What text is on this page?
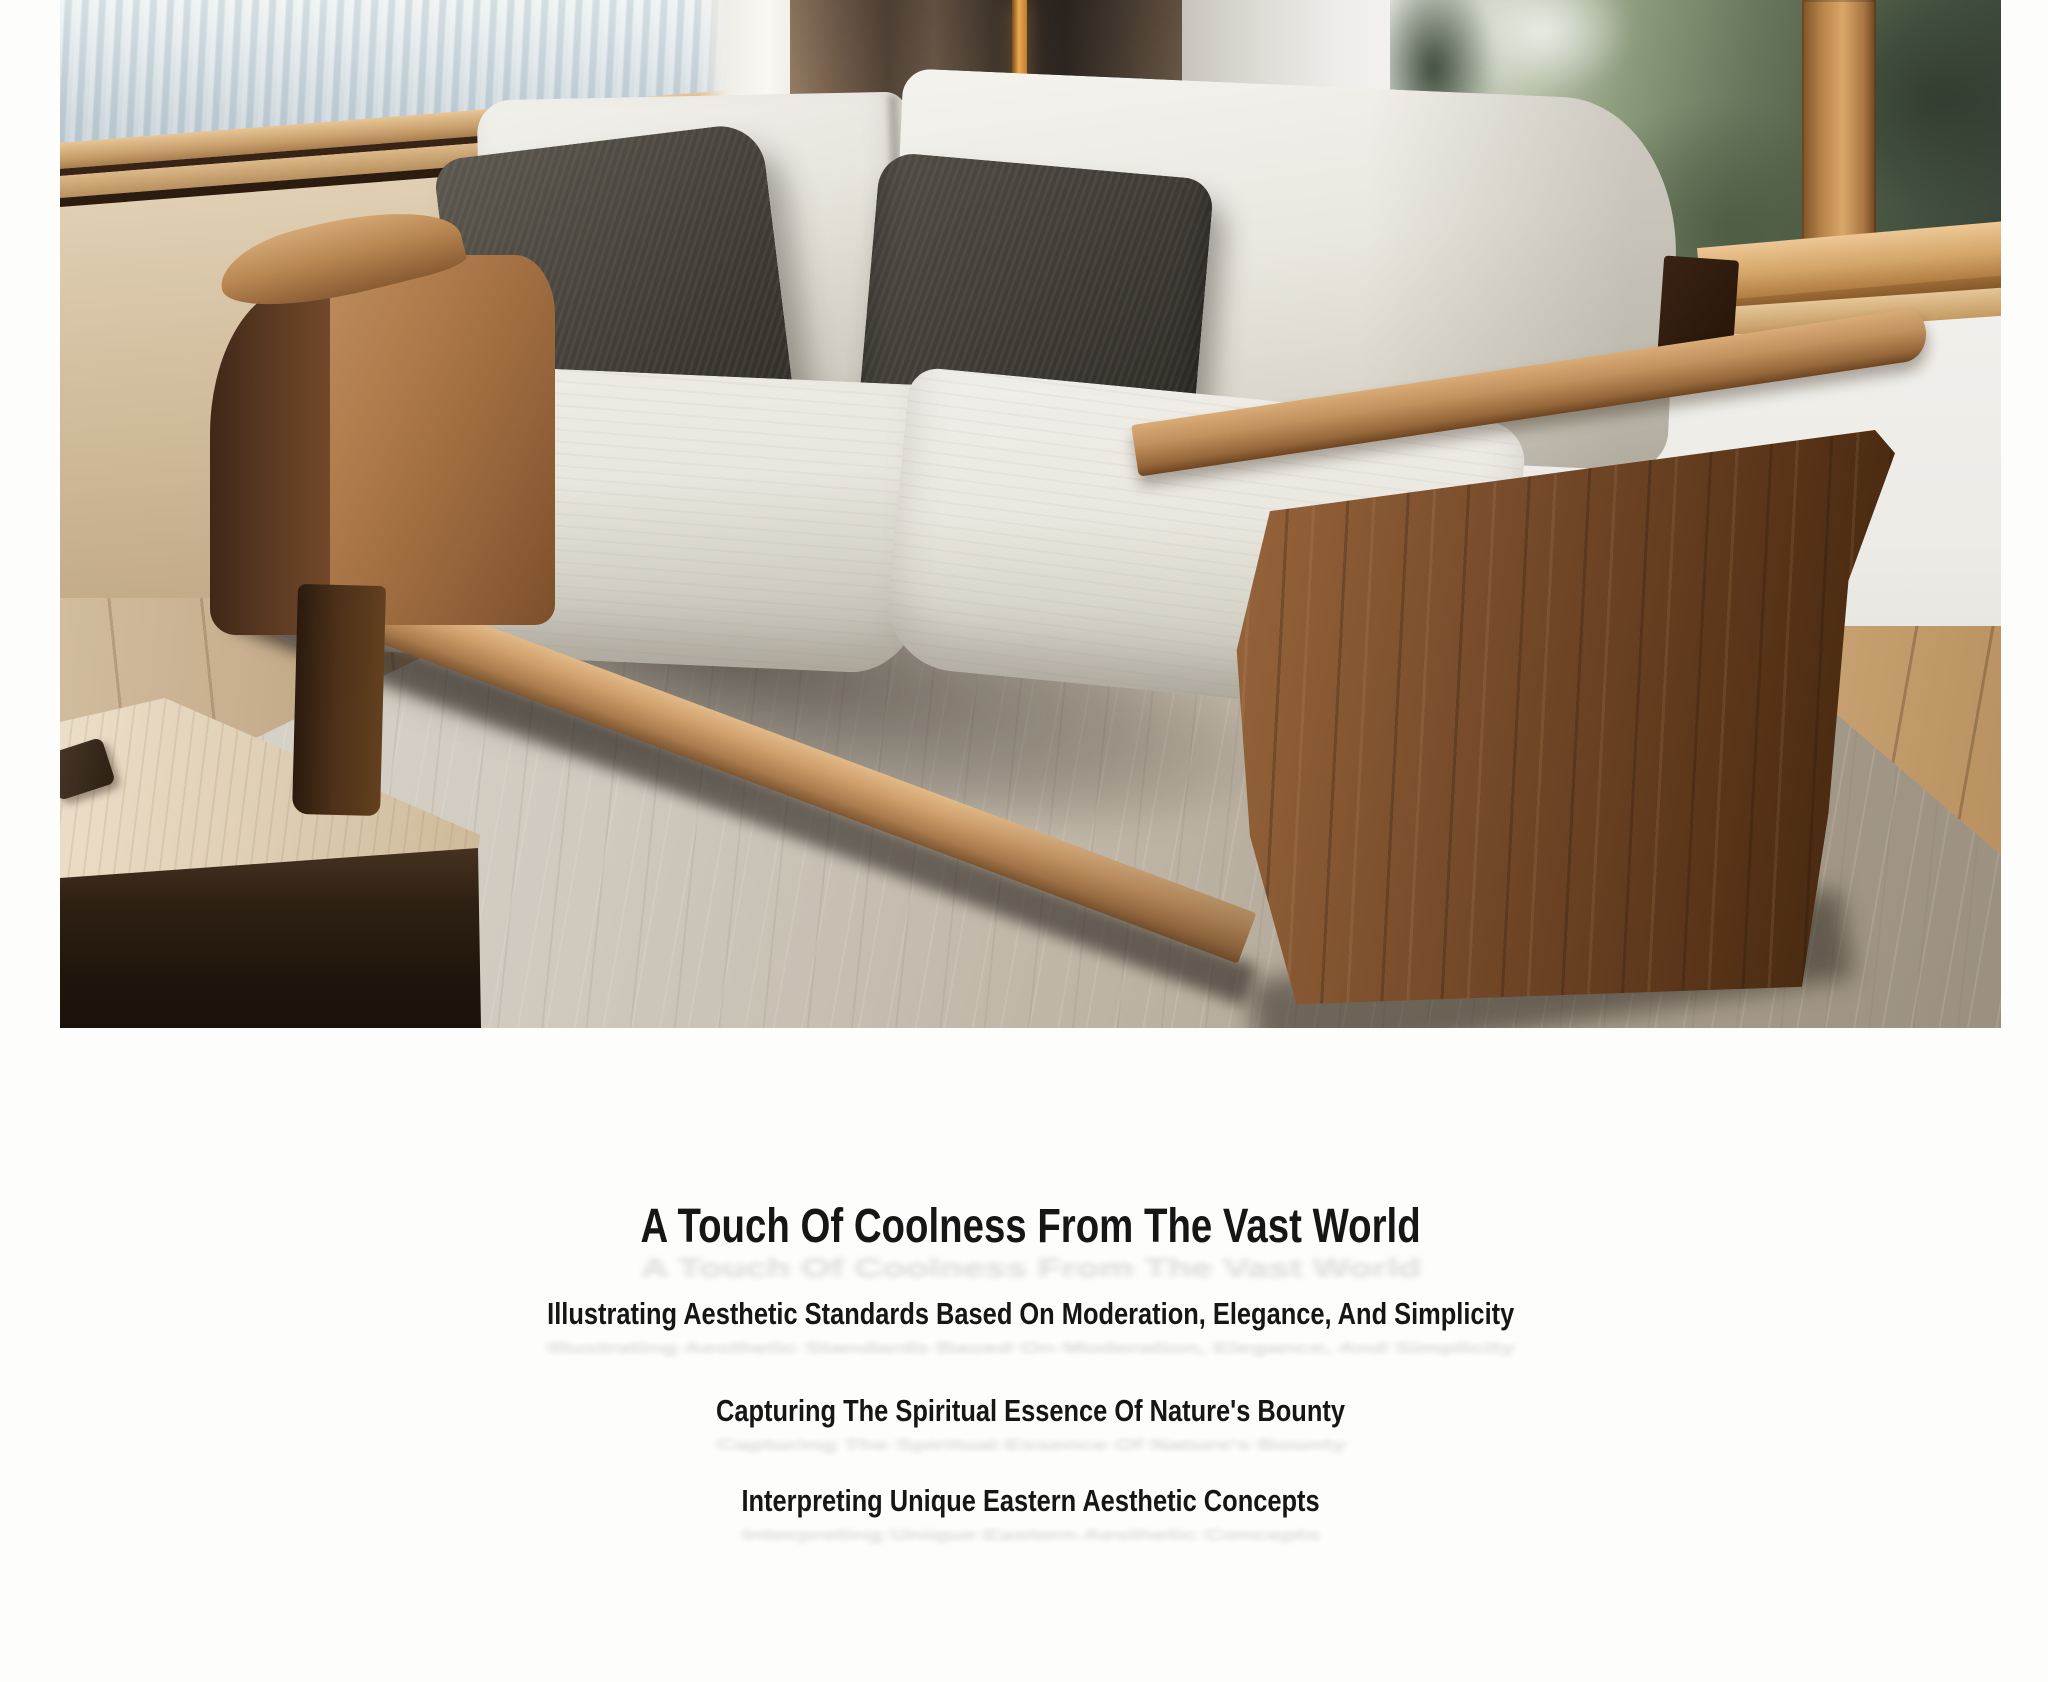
A Touch Of Coolness From The Vast World
A Touch Of Coolness From The Vast World
Illustrating Aesthetic Standards Based On Moderation, Elegance, And Simplicity
Illustrating Aesthetic Standards Based On Moderation, Elegance, And Simplicity
Capturing The Spiritual Essence Of Nature's Bounty
Capturing The Spiritual Essence Of Nature's Bounty
Interpreting Unique Eastern Aesthetic Concepts
Interpreting Unique Eastern Aesthetic Concepts
